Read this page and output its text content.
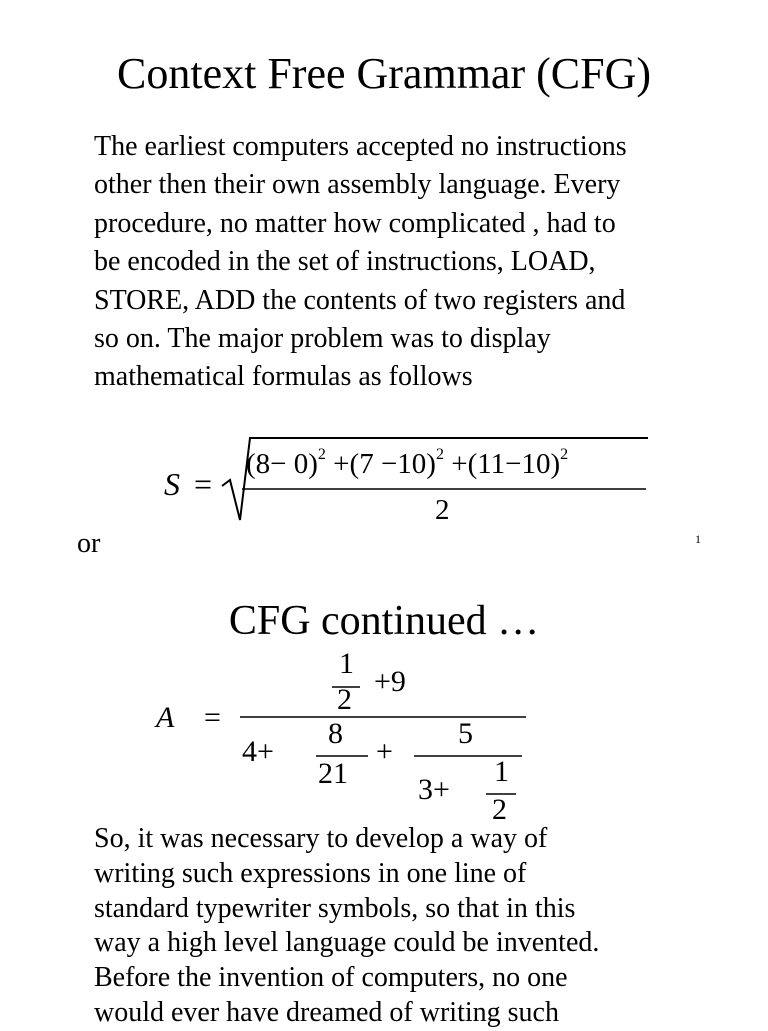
Context Free Grammar (CFG)
The earliest computers accepted no instructions
other then their own assembly language. Every
procedure, no matter how complicated , had to
be encoded in the set of instructions, LOAD,
STORE, ADD the contents of two registers and
so on. The major problem was to display
mathematical formulas as follows
S =
$(8- 0)^2 +(7 -10)^2 +(11-10)^2$
2
or	1
CFG continued …
A =
1
2
+9
4+
8
21
+
5
3+
1
2
So, it was necessary to develop a way of
writing such expressions in one line of
standard typewriter symbols, so that in this
way a high level language could be invented.
Before the invention of computers, no one
would ever have dreamed of writing such
